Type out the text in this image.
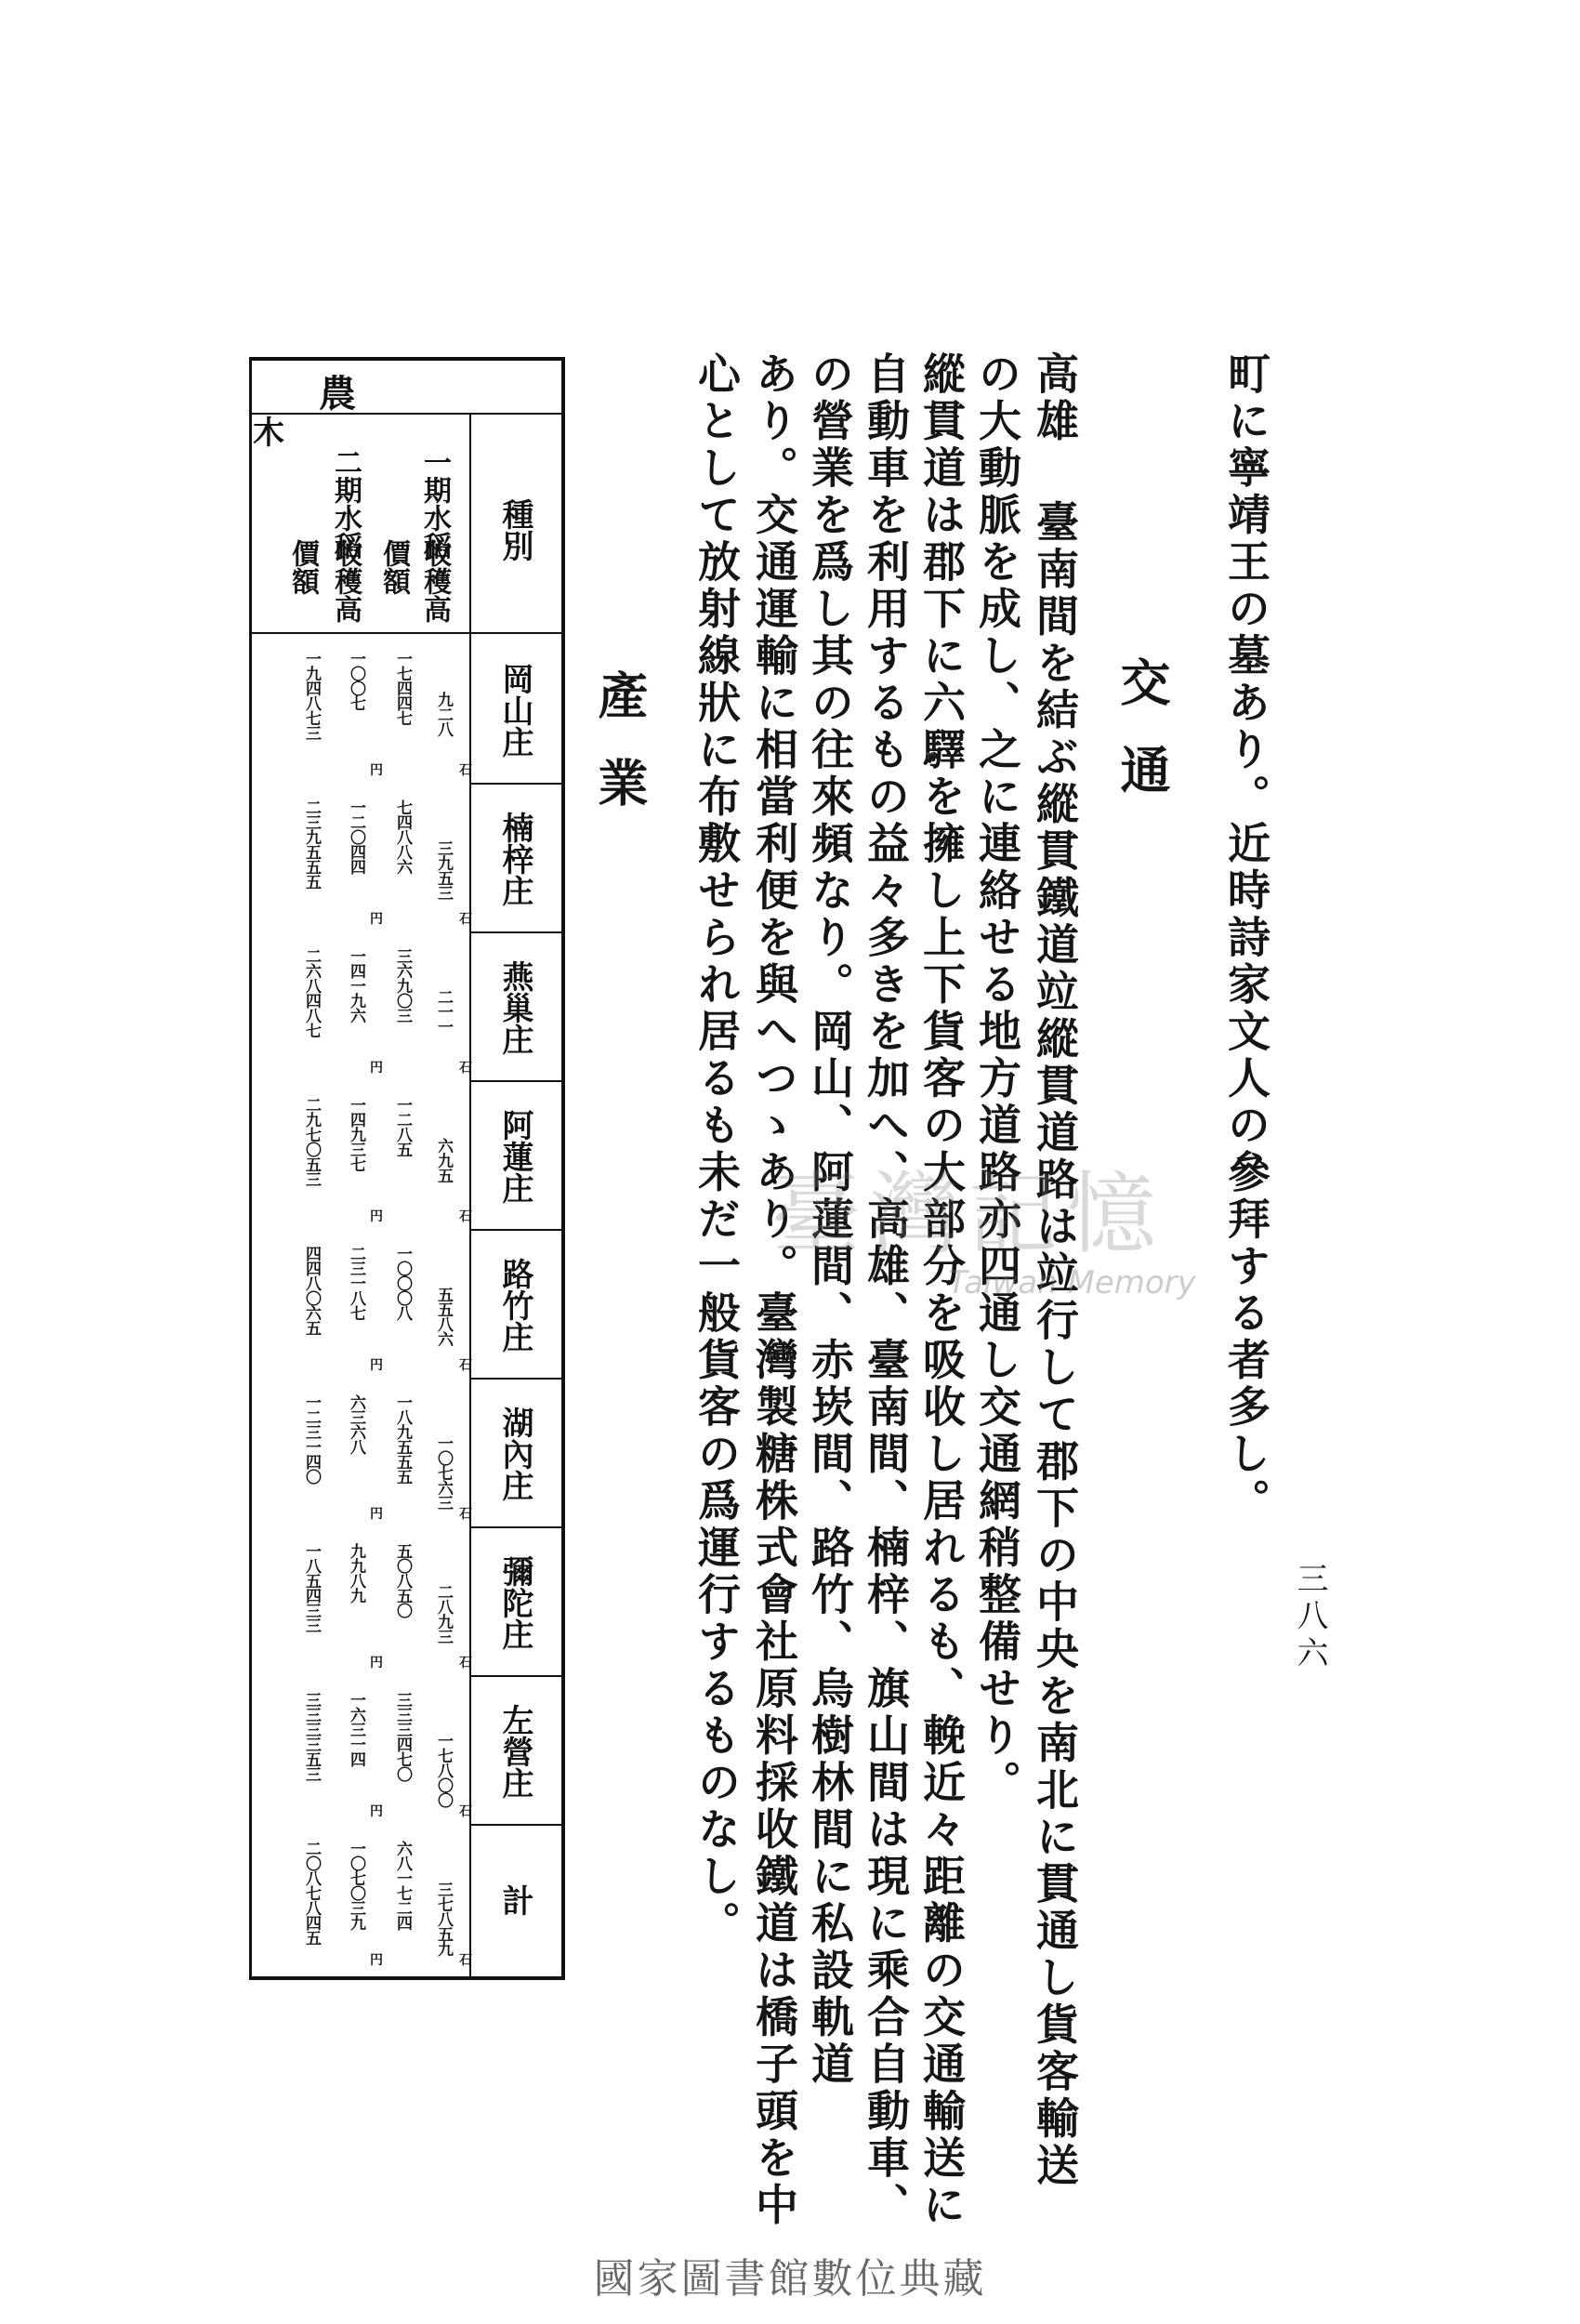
三八六
町に寧靖王の墓あり。近時詩家文人の參拜する者多し。
交通
高雄 臺南間を結ぶ縱貫鐵道竝縱貫道路は竝行して郡下の中央を南北に貫通し貨客輸送
の大動脈を成し、之に連絡せる地方道路亦四通し交通網稍整備せり。
縱貫道は郡下に六驛を擁し上下貨客の大部分を吸收し居れるも、輓近々距離の交通輸送に
自動車を利用するもの益々多きを加へ、高雄、臺南間、楠梓、旗山間は現に乘合自動車、
の營業を爲し其の往來頻なり。岡山、阿蓮間、赤崁間、路竹、烏樹林間に私設軌道
あり。交通運輸に相當利便を與へつゝあり。臺灣製糖株式會社原料採收鐵道は橋子頭を中
心として放射線狀に布敷せられ居るも未だ一般貨客の爲運行するものなし。
產業
農
木
種別
一期水稻
收穫高
價額
二期水稻
收穫高
價額
岡山庄
九二八
一七四四七
一〇〇七
一九四八七三
石
円
楠梓庄
三九五三
七四八八六
一二〇四四
二三九五五五
石
円
燕巢庄
二一一
三六九〇三
一四一九六
二六八四八七
石
円
阿蓮庄
六九五
一二八五
一四九三七
二九七〇五三
石
円
路竹庄
五五八六
一〇〇〇八
二三一八七
四四八〇六五
石
円
湖內庄
一〇七六三
一八九五五五
六三六八
一二三一四〇
石
円
彌陀庄
二八九三
五〇八五〇
九九八九
一八五四三三
石
円
左營庄
一七八〇〇
三三三四七〇
一六三一四
三三三三五三
石
円
計
三七八五九
六八一七二四
一〇七〇三九
二〇八七八四五
石
円
臺灣記憶
Taiwan Memory
國家圖書館數位典藏
